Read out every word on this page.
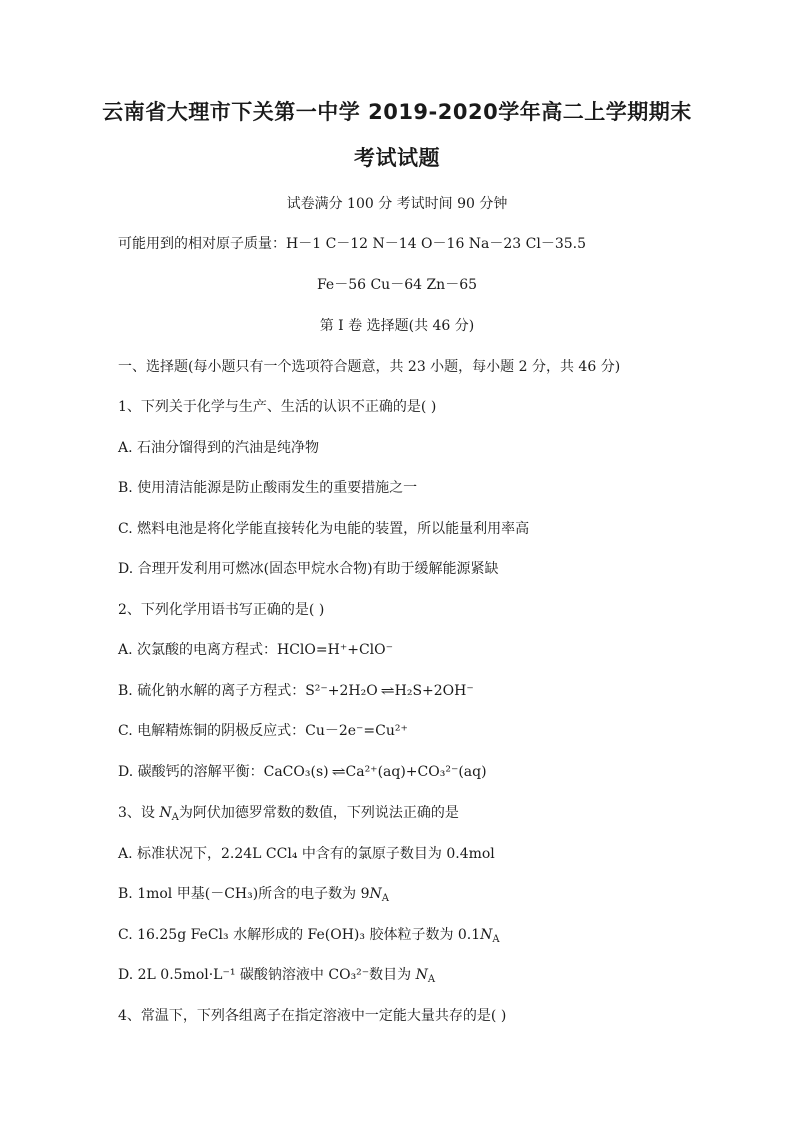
云南省大理市下关第一中学 2019-2020学年高二上学期期末
考试试题
试卷满分 100 分 考试时间 90 分钟
可能用到的相对原子质量：H－1 C－12 N－14 O－16 Na－23 Cl－35.5
Fe－56 Cu－64 Zn－65
第 Ⅰ 卷 选择题(共 46 分)
一、选择题(每小题只有一个选项符合题意，共 23 小题，每小题 2 分，共 46 分)
1、下列关于化学与生产、生活的认识不正确的是( )
A. 石油分馏得到的汽油是纯净物
B. 使用清洁能源是防止酸雨发生的重要措施之一
C. 燃料电池是将化学能直接转化为电能的装置，所以能量利用率高
D. 合理开发利用可燃冰(固态甲烷水合物)有助于缓解能源紧缺
2、下列化学用语书写正确的是( )
A. 次氯酸的电离方程式：HClO=H⁺+ClO⁻
B. 硫化钠水解的离子方程式：S²⁻+2H₂O ⇌ H₂S+2OH⁻
C. 电解精炼铜的阴极反应式：Cu－2e⁻=Cu²⁺
D. 碳酸钙的溶解平衡：CaCO₃(s) ⇌ Ca²⁺(aq)+CO₃²⁻(aq)
3、设 $N_A$为阿伏加德罗常数的数值，下列说法正确的是
A. 标准状况下，2.24L CCl₄ 中含有的氯原子数目为 0.4mol
B. 1mol 甲基(－CH₃)所含的电子数为 $9N_A$
C. 16.25g FeCl₃ 水解形成的 Fe(OH)₃ 胶体粒子数为 $0.1N_A$
D. 2L 0.5mol·L⁻¹ 碳酸钠溶液中 CO₃²⁻数目为 $N_A$
4、常温下，下列各组离子在指定溶液中一定能大量共存的是( )
